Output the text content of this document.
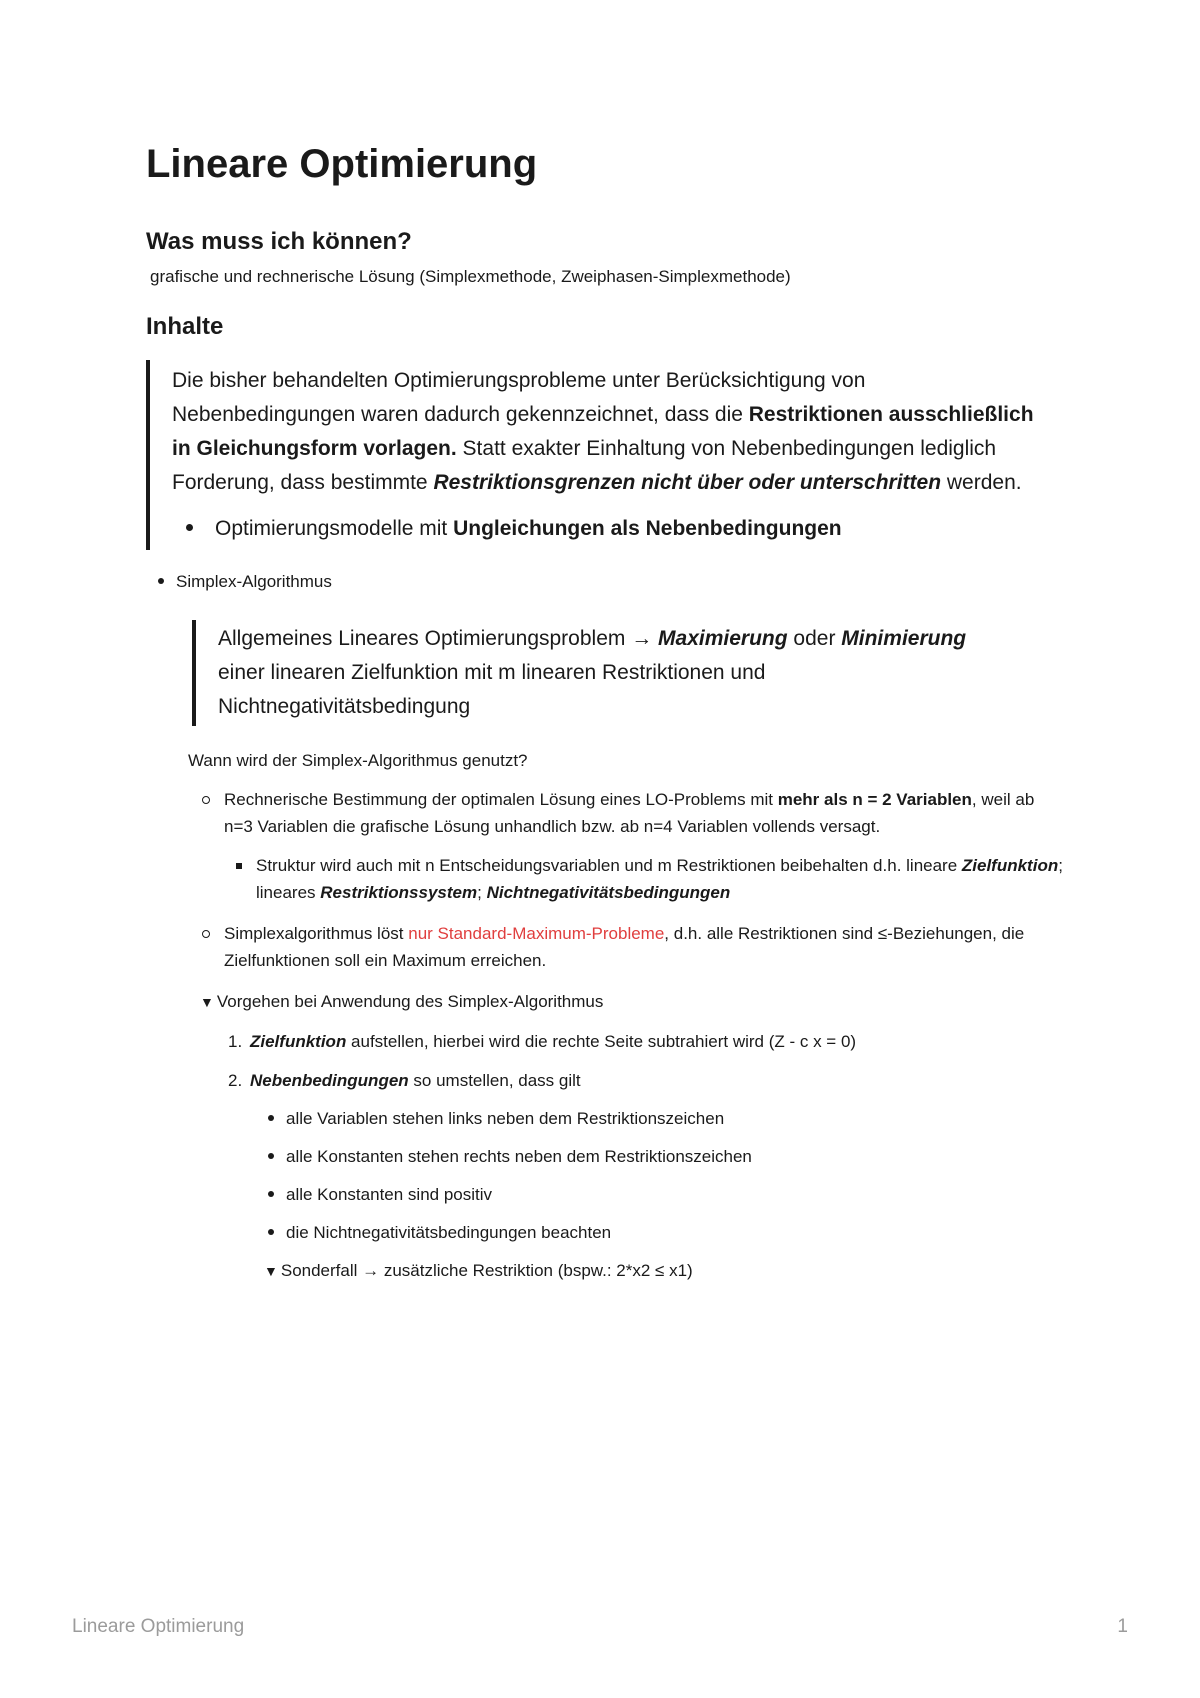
Lineare Optimierung
Was muss ich können?

grafische und rechnerische Lösung (Simplexmethode, Zweiphasen-Simplexmethode)

Inhalte

Die bisher behandelten Optimierungsprobleme unter Berücksichtigung von Nebenbedingungen waren dadurch gekennzeichnet, dass die Restriktionen ausschließlich in Gleichungsform vorlagen. Statt exakter Einhaltung von Nebenbedingungen lediglich Forderung, dass bestimmte Restriktionsgrenzen nicht über oder unterschritten werden.

Optimierungsmodelle mit Ungleichungen als Nebenbedingungen
Simplex-Algorithmus
Allgemeines Lineares Optimierungsproblem → Maximierung oder Minimierung einer linearen Zielfunktion mit m linearen Restriktionen und Nichtnegativitätsbedingung
Wann wird der Simplex-Algorithmus genutzt?
Rechnerische Bestimmung der optimalen Lösung eines LO-Problems mit mehr als n = 2 Variablen, weil ab n=3 Variablen die grafische Lösung unhandlich bzw. ab n=4 Variablen vollends versagt.
Struktur wird auch mit n Entscheidungsvariablen und m Restriktionen beibehalten d.h. lineare Zielfunktion; lineares Restriktionssystem; Nichtnegativitätsbedingungen
Simplexalgorithmus löst nur Standard-Maximum-Probleme, d.h. alle Restriktionen sind ≤-Beziehungen, die Zielfunktionen soll ein Maximum erreichen.
▼ Vorgehen bei Anwendung des Simplex-Algorithmus
1. Zielfunktion aufstellen, hierbei wird die rechte Seite subtrahiert wird (Z - c x = 0)
2. Nebenbedingungen so umstellen, dass gilt
alle Variablen stehen links neben dem Restriktionszeichen
alle Konstanten stehen rechts neben dem Restriktionszeichen
alle Konstanten sind positiv
die Nichtnegativitätsbedingungen beachten
▼ Sonderfall → zusätzliche Restriktion (bspw.: 2*x2 ≤ x1)
Lineare Optimierung	1
